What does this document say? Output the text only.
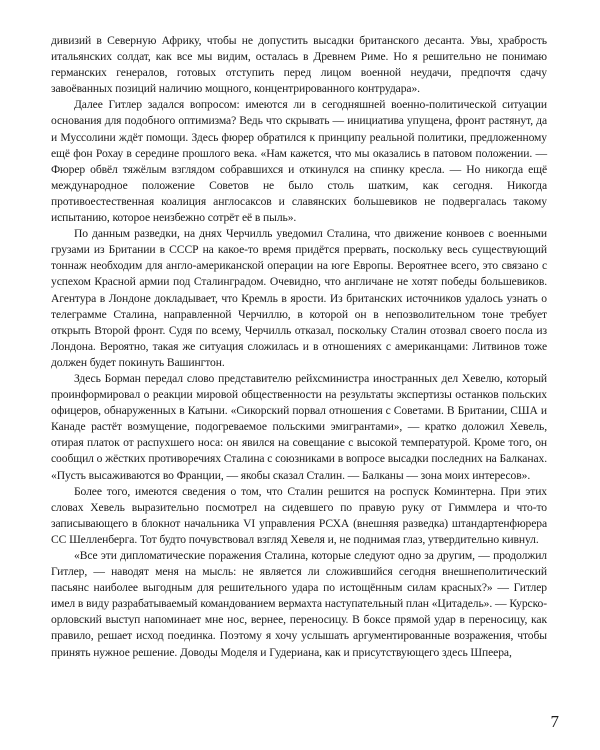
дивизий в Северную Африку, чтобы не допустить высадки британского десанта. Увы, храбрость итальянских солдат, как все мы видим, осталась в Древнем Риме. Но я решительно не понимаю германских генералов, готовых отступить перед лицом военной неудачи, предпочтя сдачу завоёванных позиций наличию мощного, концентрированного контрудара».

Далее Гитлер задался вопросом: имеются ли в сегодняшней военно-политической ситуации основания для подобного оптимизма? Ведь что скрывать — инициатива упущена, фронт растянут, да и Муссолини ждёт помощи. Здесь фюрер обратился к принципу реальной политики, предложенному ещё фон Рохау в середине прошлого века. «Нам кажется, что мы оказались в патовом положении. — Фюрер обвёл тяжёлым взглядом собравшихся и откинулся на спинку кресла. — Но никогда ещё международное положение Советов не было столь шатким, как сегодня. Никогда противоестественная коалиция англосаксов и славянских большевиков не подвергалась такому испытанию, которое неизбежно сотрёт её в пыль».

По данным разведки, на днях Черчилль уведомил Сталина, что движение конвоев с военными грузами из Британии в СССР на какое-то время придётся прервать, поскольку весь существующий тоннаж необходим для англо-американской операции на юге Европы. Вероятнее всего, это связано с успехом Красной армии под Сталинградом. Очевидно, что англичане не хотят победы большевиков. Агентура в Лондоне докладывает, что Кремль в ярости. Из британских источников удалось узнать о телеграмме Сталина, направленной Черчиллю, в которой он в непозволительном тоне требует открыть Второй фронт. Судя по всему, Черчилль отказал, поскольку Сталин отозвал своего посла из Лондона. Вероятно, такая же ситуация сложилась и в отношениях с американцами: Литвинов тоже должен будет покинуть Вашингтон.

Здесь Борман передал слово представителю рейхсминистра иностранных дел Хевелю, который проинформировал о реакции мировой общественности на результаты экспертизы останков польских офицеров, обнаруженных в Катыни. «Сикорский порвал отношения с Советами. В Британии, США и Канаде растёт возмущение, подогреваемое польскими эмигрантами», — кратко доложил Хевель, отирая платок от распухшего носа: он явился на совещание с высокой температурой. Кроме того, он сообщил о жёстких противоречиях Сталина с союзниками в вопросе высадки последних на Балканах. «Пусть высаживаются во Франции, — якобы сказал Сталин. — Балканы — зона моих интересов».

Более того, имеются сведения о том, что Сталин решится на роспуск Коминтерна. При этих словах Хевель выразительно посмотрел на сидевшего по правую руку от Гиммлера и что-то записывающего в блокнот начальника VI управления РСХА (внешняя разведка) штандартенфюрера СС Шелленберга. Тот будто почувствовал взгляд Хевеля и, не поднимая глаз, утвердительно кивнул.

«Все эти дипломатические поражения Сталина, которые следуют одно за другим, — продолжил Гитлер, — наводят меня на мысль: не является ли сложившийся сегодня внешнеполитический пасьянс наиболее выгодным для решительного удара по истощённым силам красных?» — Гитлер имел в виду разрабатываемый командованием вермахта наступательный план «Цитадель». — Курско-орловский выступ напоминает мне нос, вернее, переносицу. В боксе прямой удар в переносицу, как правило, решает исход поединка. Поэтому я хочу услышать аргументированные возражения, чтобы принять нужное решение. Доводы Моделя и Гудериана, как и присутствующего здесь Шпеера,

7
